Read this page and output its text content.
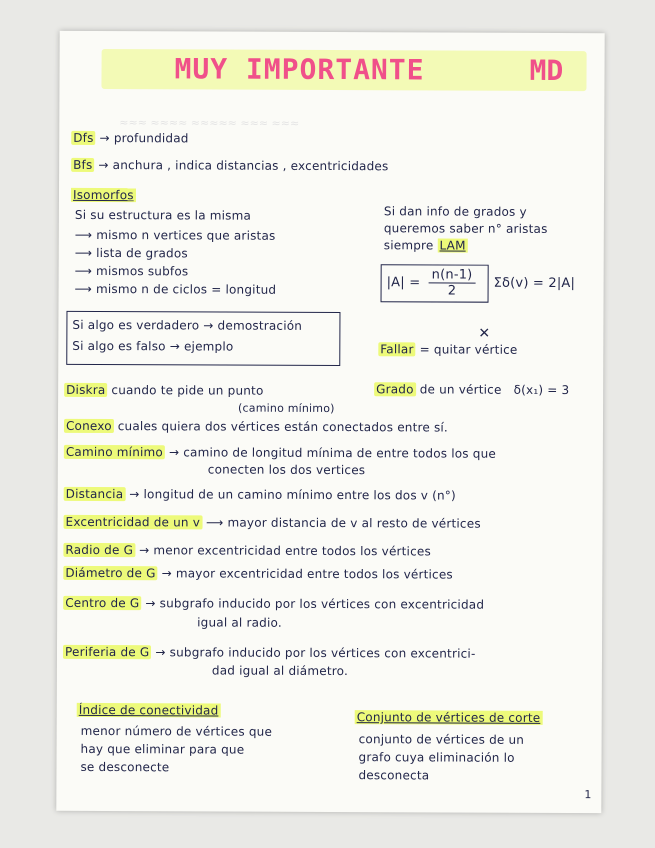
MUY IMPORTANTE	MD
≈≈≈ ≈≈≈≈ ≈≈≈≈≈ ≈≈≈ ≈≈≈
Dfs → profundidad
Bfs → anchura , indica distancias , excentricidades
Isomorfos
Si su estructura es la misma
⟶ mismo n vertices que aristas
⟶ lista de grados
⟶ mismos subfos
⟶ mismo n de ciclos = longitud
Si dan info de grados y
queremos saber n° aristas
siempre LAM
$|A| = \frac{n(n-1)}{2} \Sigma\delta(v) = 2|A|$
Si algo es verdadero → demostración
Si algo es falso → ejemplo	Fallar = quitar vértice
✕
Diskra cuando te pide un punto
(camino mínimo)
Grado de un vértice δ(x₁) = 3
Conexo cuales quiera dos vértices están conectados entre sí.
Camino mínimo → camino de longitud mínima de entre todos los que
conecten los dos vertices
Distancia → longitud de un camino mínimo entre los dos v (n°)
Excentricidad de un v ⟶ mayor distancia de v al resto de vértices
Radio de G → menor excentricidad entre todos los vértices
Diámetro de G → mayor excentricidad entre todos los vértices
Centro de G → subgrafo inducido por los vértices con excentricidad
igual al radio.
Periferia de G → subgrafo inducido por los vértices con excentrici-
dad igual al diámetro.
Índice de conectividad
menor número de vértices que
hay que eliminar para que
se desconecte
Conjunto de vértices de corte
conjunto de vértices de un
grafo cuya eliminación lo
desconecta
1
